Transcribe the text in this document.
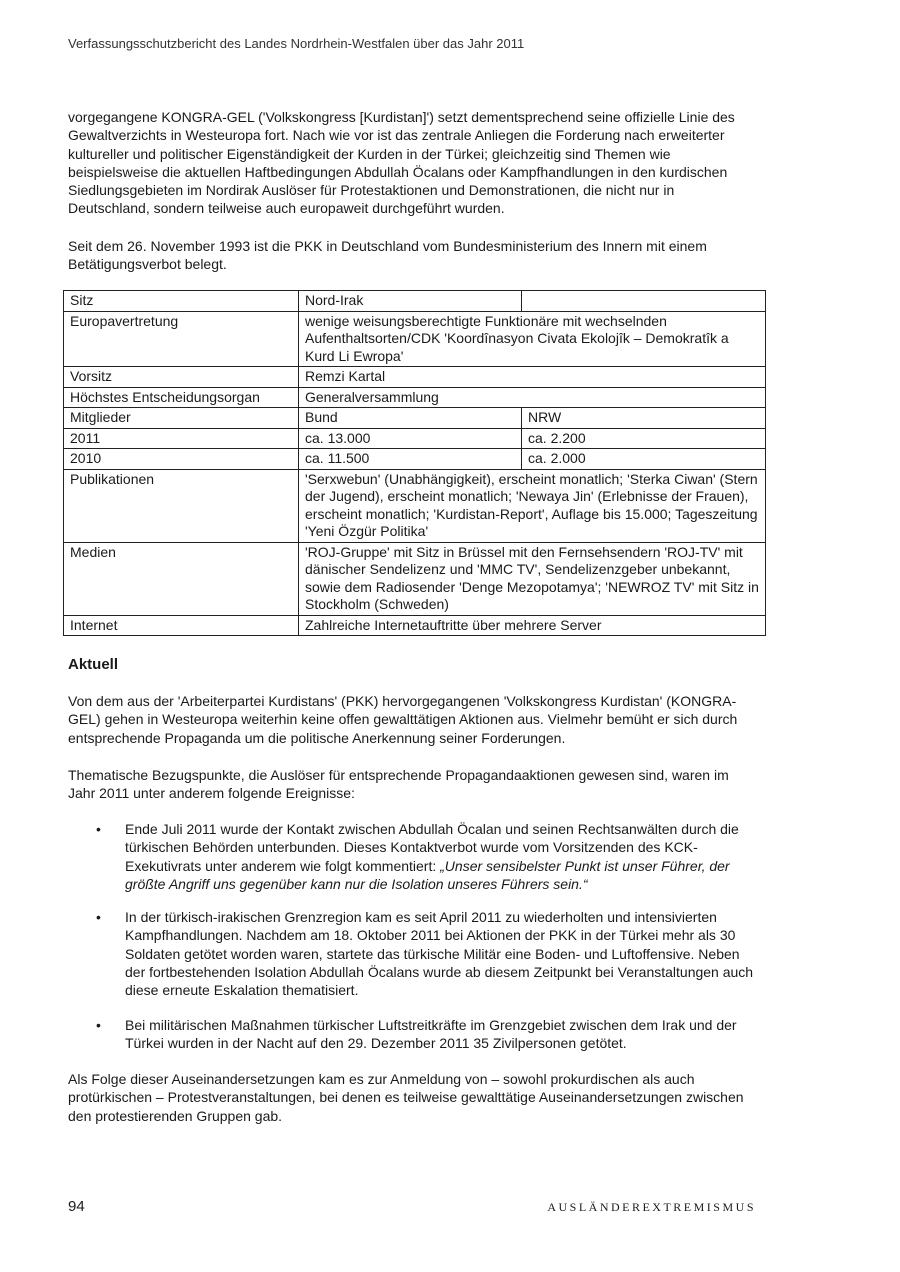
Verfassungsschutzbericht des Landes Nordrhein-Westfalen über das Jahr 2011

vorgegangene KONGRA-GEL ('Volkskongress [Kurdistan]') setzt dementsprechend seine offizielle Linie des Gewaltverzichts in Westeuropa fort. Nach wie vor ist das zentrale Anliegen die Forderung nach erweiterter kultureller und politischer Eigenständigkeit der Kurden in der Türkei; gleichzeitig sind Themen wie beispielsweise die aktuellen Haftbedingungen Abdullah Öcalans oder Kampfhandlungen in den kurdischen Siedlungsgebieten im Nordirak Auslöser für Protestaktionen und Demonstrationen, die nicht nur in Deutschland, sondern teilweise auch europaweit durchgeführt wurden.

Seit dem 26. November 1993 ist die PKK in Deutschland vom Bundesministerium des Innern mit einem Betätigungsverbot belegt.

Sitz	Nord-Irak	
Europavertretung	wenige weisungsberechtigte Funktionäre mit wechselnden Aufenthaltsorten/CDK 'Koordînasyon Civata Ekolojîk – Demokratîk a Kurd Li Ewropa'	
Vorsitz	Remzi Kartal	
Höchstes Entscheidungsorgan	Generalversammlung	
Mitglieder	Bund	NRW
2011	ca. 13.000	ca. 2.200
2010	ca. 11.500	ca. 2.000
Publikationen	'Serxwebun' (Unabhängigkeit), erscheint monatlich; 'Sterka Ciwan' (Stern der Jugend), erscheint monatlich; 'Newaya Jin' (Erlebnisse der Frauen), erscheint monatlich; 'Kurdistan-Report', Auflage bis 15.000; Tageszeitung 'Yeni Özgür Politika'	
Medien	'ROJ-Gruppe' mit Sitz in Brüssel mit den Fernsehsendern 'ROJ-TV' mit dänischer Sendelizenz und 'MMC TV', Sendelizenzgeber unbekannt, sowie dem Radiosender 'Denge Mezopotamya'; 'NEWROZ TV' mit Sitz in Stockholm (Schweden)	
Internet	Zahlreiche Internetauftritte über mehrere Server	
Aktuell

Von dem aus der 'Arbeiterpartei Kurdistans' (PKK) hervorgegangenen 'Volkskongress Kurdistan' (KONGRA-GEL) gehen in Westeuropa weiterhin keine offen gewalttätigen Aktionen aus. Vielmehr bemüht er sich durch entsprechende Propaganda um die politische Anerkennung seiner Forderungen.

Thematische Bezugspunkte, die Auslöser für entsprechende Propagandaaktionen gewesen sind, waren im Jahr 2011 unter anderem folgende Ereignisse:

• Ende Juli 2011 wurde der Kontakt zwischen Abdullah Öcalan und seinen Rechtsanwälten durch die türkischen Behörden unterbunden. Dieses Kontaktverbot wurde vom Vorsitzenden des KCK-Exekutivrats unter anderem wie folgt kommentiert: „Unser sensibelster Punkt ist unser Führer, der größte Angriff uns gegenüber kann nur die Isolation unseres Führers sein.“
• In der türkisch-irakischen Grenzregion kam es seit April 2011 zu wiederholten und intensivierten Kampfhandlungen. Nachdem am 18. Oktober 2011 bei Aktionen der PKK in der Türkei mehr als 30 Soldaten getötet worden waren, startete das türkische Militär eine Boden- und Luftoffensive. Neben der fortbestehenden Isolation Abdullah Öcalans wurde ab diesem Zeitpunkt bei Veranstaltungen auch diese erneute Eskalation thematisiert.
• Bei militärischen Maßnahmen türkischer Luftstreitkräfte im Grenzgebiet zwischen dem Irak und der Türkei wurden in der Nacht auf den 29. Dezember 2011 35 Zivilpersonen getötet.

Als Folge dieser Auseinandersetzungen kam es zur Anmeldung von – sowohl prokurdischen als auch protürkischen – Protestveranstaltungen, bei denen es teilweise gewalttätige Auseinandersetzungen zwischen den protestierenden Gruppen gab.

94	AUSLÄNDEREXTREMISMUS
